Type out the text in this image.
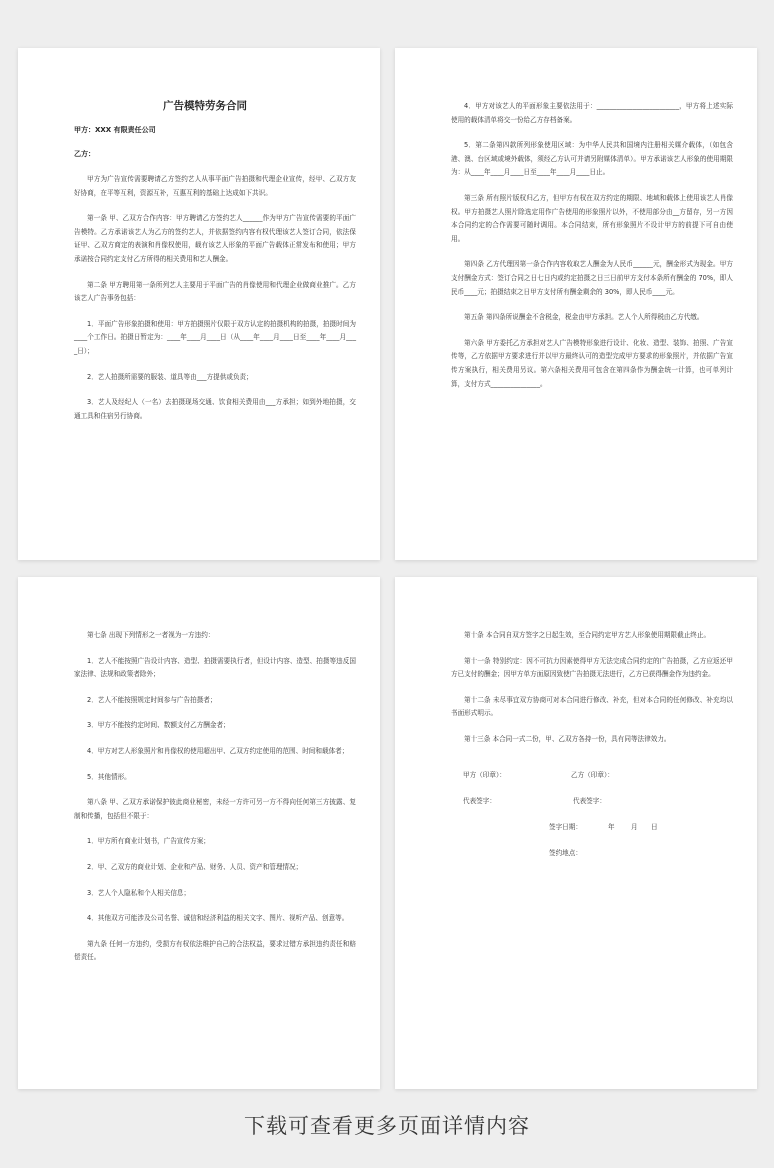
广告模特劳务合同
甲方：XXX 有限责任公司
乙方：

甲方为广告宣传需要聘请乙方签约艺人从事平面广告拍摄和代理企业宣传，经甲、乙双方友好协商，在平等互利，资源互补，互惠互利的基础上达成如下共识。

第一条 甲、乙双方合作内容：甲方聘请乙方签约艺人______作为甲方广告宣传需要的平面广告模特。乙方承诺该艺人为乙方的签约艺人，并依据签约内容有权代理该艺人签订合同，依法保证甲、乙双方商定的表演和肖像权使用，载有该艺人形象的平面广告载体正常发布和使用；甲方承诺按合同约定支付乙方所得的相关费用和艺人酬金。

第二条 甲方聘用第一条所列艺人主要用于平面广告的肖像使用和代理企业做商业推广。乙方该艺人广告事务包括：

1．平面广告形象拍摄和使用：甲方拍摄照片仅限于双方认定的拍摄机构的拍摄，拍摄时间为____个工作日。拍摄日暂定为：____年____月____日（从____年____月____日至____年____月____日）；

2．艺人拍摄所需要的服装、道具等由___方提供或负责；

3．艺人及经纪人（一名）去拍摄现场交通、饮食相关费用由___方承担；如到外地拍摄，交通工具和住宿另行协商。

4．甲方对该艺人的平面形象主要依法用于：_________________________，甲方将上述实际使用的载体清单将交一份给乙方存档备案。

5．第二条第四款所列形象使用区域：为中华人民共和国境内注册相关媒介载体，（如包含港、澳、台区域或境外载体，须经乙方认可并请另附媒体清单）。甲方承诺该艺人形象的使用期限为：从____年____月____日至____年____月____日止。

第三条 所有照片版权归乙方，但甲方有权在双方约定的期限、地域和载体上使用该艺人肖像权。甲方拍摄艺人照片除选定用作广告使用的形象照片以外，不使用部分由__方留存，另一方因本合同约定的合作需要可随时调用。本合同结束，所有形象照片不设计甲方的前提下可自由使用。

第四条 乙方代理因第一条合作内容收取艺人酬金为人民币______元，酬金形式为现金。甲方支付酬金方式：签订合同之日七日内或约定拍摄之日三日前甲方支付本条所有酬金的 70%，即人民币____元；拍摄结束之日甲方支付所有酬金剩余的 30%，即人民币____元。

第五条 第四条所说酬金不含税金，税金由甲方承担。艺人个人所得税由乙方代缴。

第六条 甲方委托乙方承担对艺人广告模特形象进行设计、化妆、造型、装饰、拍照、广告宣传等，乙方依据甲方要求进行并以甲方最终认可的造型完成甲方要求的形象照片，并依据广告宣传方案执行，相关费用另议。第六条相关费用可包含在第四条作为酬金统一计算，也可单列计算，支付方式_______________。

第七条 出现下列情形之一者视为一方违约：

1．艺人不能按照广告设计内容、造型、拍摄需要执行者，但设计内容、造型、拍摄等违反国家法律、法规和政策者除外；

2．艺人不能按照规定时间参与广告拍摄者；

3．甲方不能按约定时间、数额支付乙方酬金者；

4．甲方对艺人形象照片和肖像权的使用超出甲、乙双方约定使用的范围、时间和载体者；

5．其他情形。

第八条 甲、乙双方承诺保护彼此商业秘密，未经一方许可另一方不得向任何第三方披露、复制和传播，包括但不限于：

1．甲方所有商业计划书，广告宣传方案；

2．甲、乙双方的商业计划、企业和产品、财务、人员、资产和管理情况；

3．艺人个人隐私和个人相关信息；

4．其他双方可能涉及公司名誉、诚信和经济利益的相关文字、图片、视听产品、创意等。

第九条 任何一方违约，受损方有权依法维护自己的合法权益，要求过错方承担违约责任和赔偿责任。

第十条 本合同自双方签字之日起生效，至合同约定甲方艺人形象使用期限截止终止。

第十一条 特别约定：因不可抗力因素使得甲方无法完成合同约定的广告拍摄，乙方应返还甲方已支付的酬金；因甲方单方面原因致使广告拍摄无法进行，乙方已获得酬金作为违约金。

第十二条 未尽事宜双方协商可对本合同进行修改、补充，但对本合同的任何修改、补充均以书面形式明示。

第十三条 本合同一式二份，甲、乙双方各持一份，具有同等法律效力。

甲方（印章）：	乙方（印章）：
代表签字：	代表签字：
签字日期：	年 月 日
签约地点：
下载可查看更多页面详情内容
